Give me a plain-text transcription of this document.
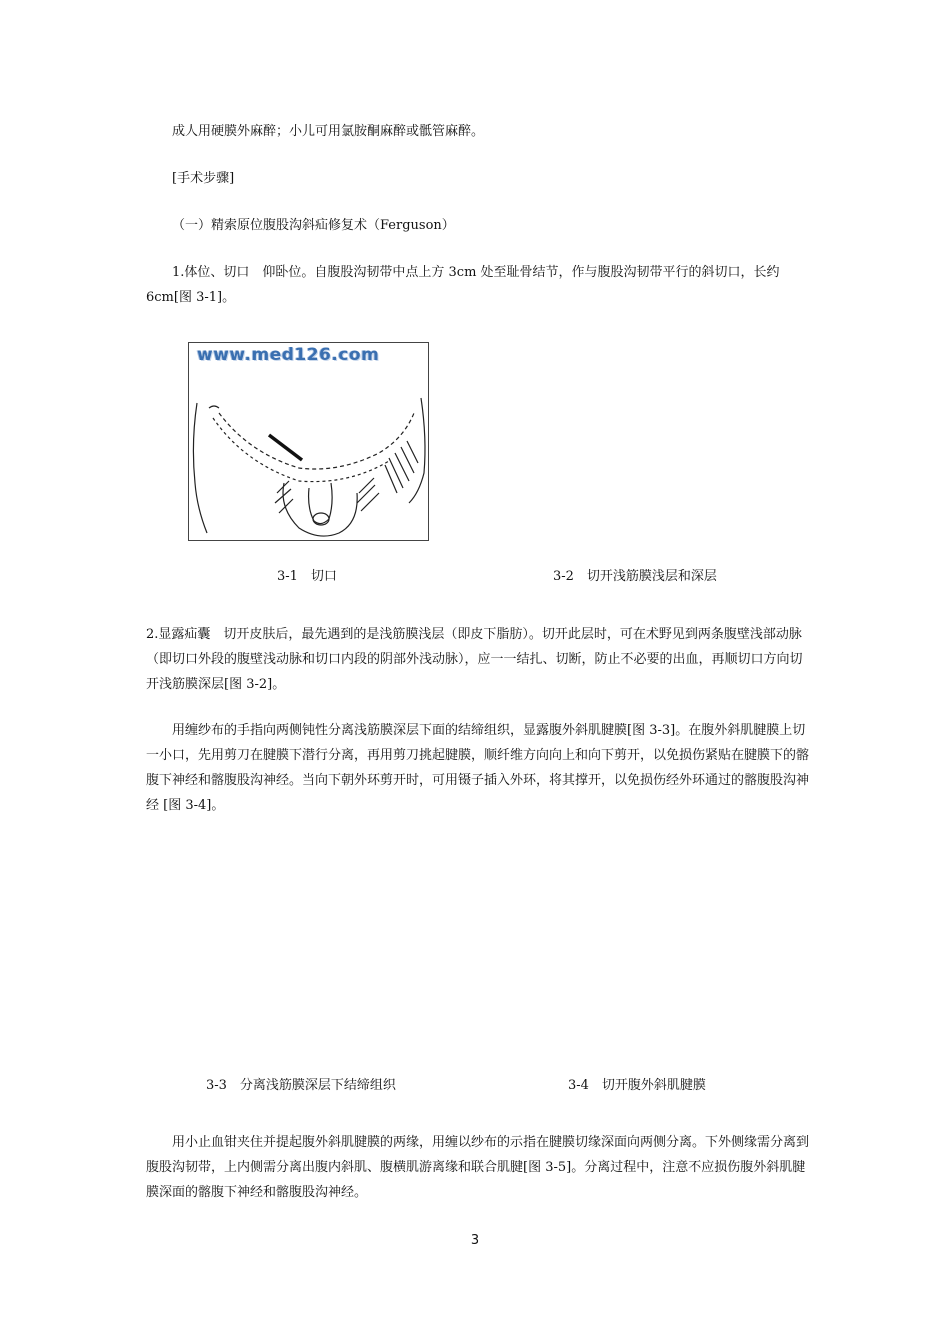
成人用硬膜外麻醉；小儿可用氯胺酮麻醉或骶管麻醉。

[手术步骤]

（一）精索原位腹股沟斜疝修复术（Ferguson）

1.体位、切口　仰卧位。自腹股沟韧带中点上方 3cm 处至耻骨结节，作与腹股沟韧带平行的斜切口，长约 6cm[图 3-1]。

www.med126.com
3-1　切口	3-2　切开浅筋膜浅层和深层

2.显露疝囊　切开皮肤后，最先遇到的是浅筋膜浅层（即皮下脂肪）。切开此层时，可在术野见到两条腹壁浅部动脉（即切口外段的腹壁浅动脉和切口内段的阴部外浅动脉），应一一结扎、切断，防止不必要的出血，再顺切口方向切开浅筋膜深层[图 3-2]。

用缠纱布的手指向两侧钝性分离浅筋膜深层下面的结缔组织，显露腹外斜肌腱膜[图 3-3]。在腹外斜肌腱膜上切一小口，先用剪刀在腱膜下潜行分离，再用剪刀挑起腱膜，顺纤维方向向上和向下剪开，以免损伤紧贴在腱膜下的髂腹下神经和髂腹股沟神经。当向下朝外环剪开时，可用镊子插入外环，将其撑开，以免损伤经外环通过的髂腹股沟神经 [图 3-4]。

3-3　分离浅筋膜深层下结缔组织	3-4　切开腹外斜肌腱膜

用小止血钳夹住并提起腹外斜肌腱膜的两缘，用缠以纱布的示指在腱膜切缘深面向两侧分离。下外侧缘需分离到腹股沟韧带，上内侧需分离出腹内斜肌、腹横肌游离缘和联合肌腱[图 3-5]。分离过程中，注意不应损伤腹外斜肌腱膜深面的髂腹下神经和髂腹股沟神经。

3
